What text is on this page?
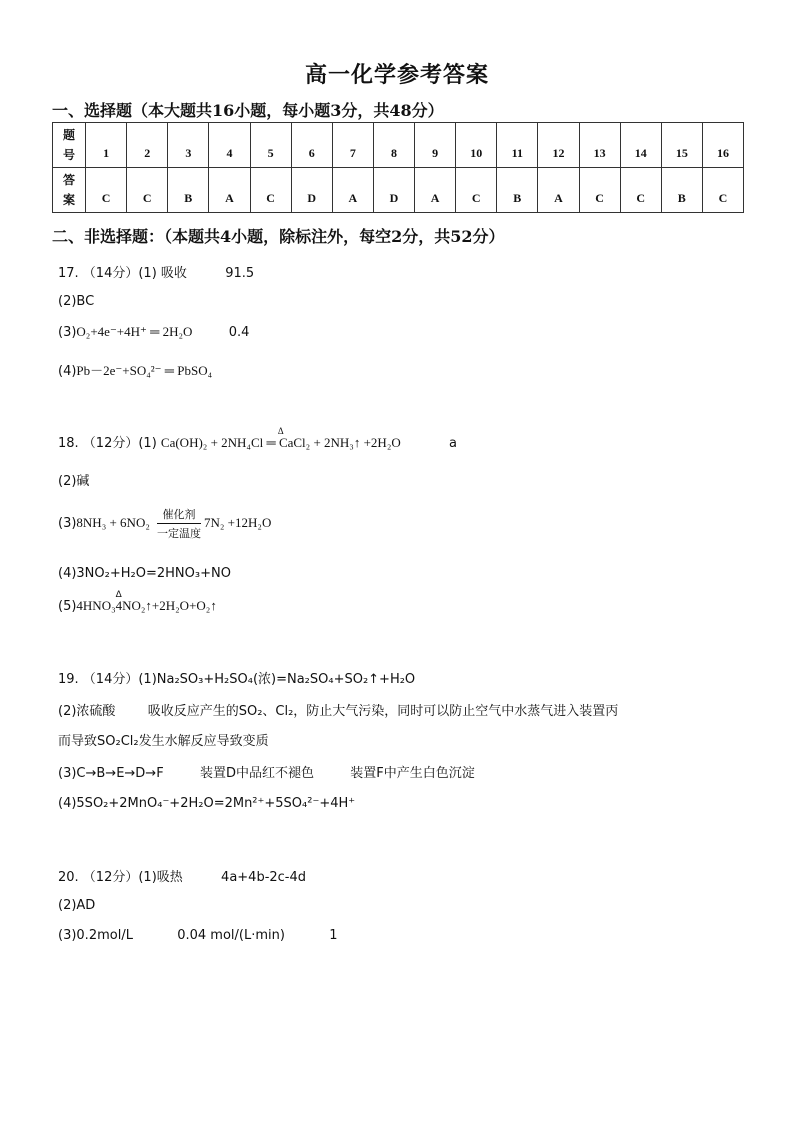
高一化学参考答案
一、选择题（本大题共16小题，每小题3分，共48分）
题
号	1	2	3	4	5	6	7	8	9	10	11	12	13	14	15	16
答
案	C	C	B	A	C	D	A	D	A	C	B	A	C	C	B	C
二、非选择题：（本题共4小题，除标注外，每空2分，共52分）
17. （14分）(1) 吸收	91.5
(2)BC
(3)O₂+4e⁻+4H⁺ ═ 2H₂O	0.4
(4)Pb－2e⁻+SO₄²⁻ ═ PbSO₄
18. （12分）(1)
Δ
Ca(OH)₂ + 2NH₄Cl ═ CaCl₂ + 2NH₃↑ +2H₂O	a
(2)碱
(3)8NH₃ + 6NO₂
催化剂
一定温度
7N₂ +12H₂O
(4)3NO₂+H₂O=2HNO₃+NO
(5)4HNO₃
Δ
4NO₂↑+2H₂O+O₂↑
19. （14分）(1)Na₂SO₃+H₂SO₄(浓)=Na₂SO₄+SO₂↑+H₂O
(2)浓硫酸 吸收反应产生的SO₂、Cl₂，防止大气污染，同时可以防止空气中水蒸气进入装置丙
而导致SO₂Cl₂发生水解反应导致变质
(3)C→B→E→D→F	装置D中品红不褪色	装置F中产生白色沉淀
(4)5SO₂+2MnO₄⁻+2H₂O=2Mn²⁺+5SO₄²⁻+4H⁺
20. （12分）(1)吸热	4a+4b-2c-4d
(2)AD
(3)0.2mol/L	0.04 mol/(L·min)	1
